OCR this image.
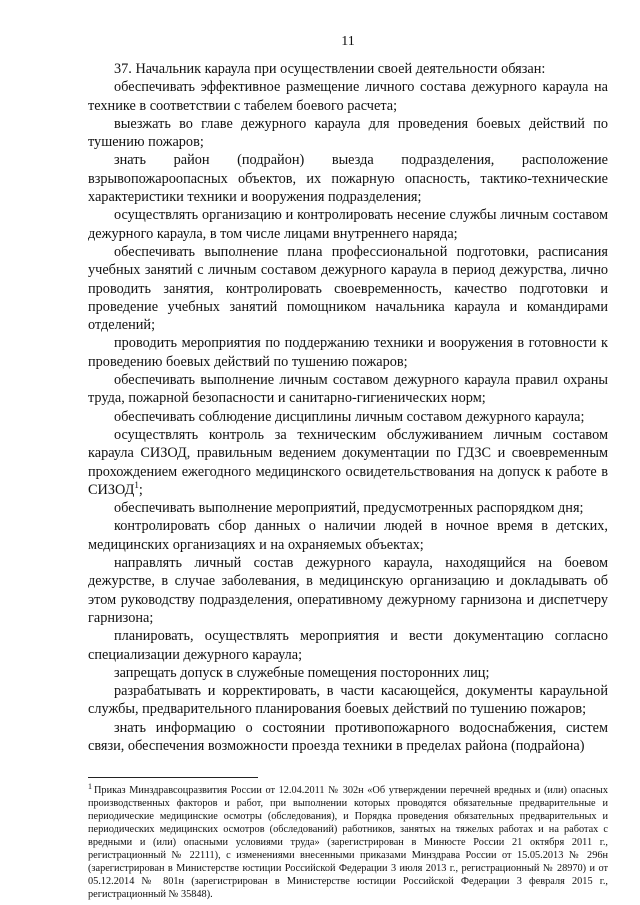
11

37. Начальник караула при осуществлении своей деятельности обязан:

обеспечивать эффективное размещение личного состава дежурного караула на технике в соответствии с табелем боевого расчета;

выезжать во главе дежурного караула для проведения боевых действий по тушению пожаров;

знать район (подрайон) выезда подразделения, расположение взрывопожароопасных объектов, их пожарную опасность, тактико-технические характеристики техники и вооружения подразделения;

осуществлять организацию и контролировать несение службы личным составом дежурного караула, в том числе лицами внутреннего наряда;

обеспечивать выполнение плана профессиональной подготовки, расписания учебных занятий с личным составом дежурного караула в период дежурства, лично проводить занятия, контролировать своевременность, качество подготовки и проведение учебных занятий помощником начальника караула и командирами отделений;

проводить мероприятия по поддержанию техники и вооружения в готовности к проведению боевых действий по тушению пожаров;

обеспечивать выполнение личным составом дежурного караула правил охраны труда, пожарной безопасности и санитарно-гигиенических норм;

обеспечивать соблюдение дисциплины личным составом дежурного караула;

осуществлять контроль за техническим обслуживанием личным составом караула СИЗОД, правильным ведением документации по ГДЗС и своевременным прохождением ежегодного медицинского освидетельствования на допуск к работе в СИЗОД$^1$;

обеспечивать выполнение мероприятий, предусмотренных распорядком дня;

контролировать сбор данных о наличии людей в ночное время в детских, медицинских организациях и на охраняемых объектах;

направлять личный состав дежурного караула, находящийся на боевом дежурстве, в случае заболевания, в медицинскую организацию и докладывать об этом руководству подразделения, оперативному дежурному гарнизона и диспетчеру гарнизона;

планировать, осуществлять мероприятия и вести документацию согласно специализации дежурного караула;

запрещать допуск в служебные помещения посторонних лиц;

разрабатывать и корректировать, в части касающейся, документы караульной службы, предварительного планирования боевых действий по тушению пожаров;

знать информацию о состоянии противопожарного водоснабжения, систем связи, обеспечения возможности проезда техники в пределах района (подрайона)

$^1$ Приказ Минздравсоцразвития России от 12.04.2011 № 302н «Об утверждении перечней вредных и (или) опасных производственных факторов и работ, при выполнении которых проводятся обязательные предварительные и периодические медицинские осмотры (обследования), и Порядка проведения обязательных предварительных и периодических медицинских осмотров (обследований) работников, занятых на тяжелых работах и на работах с вредными и (или) опасными условиями труда» (зарегистрирован в Минюсте России 21 октября 2011 г., регистрационный № 22111), с изменениями внесенными приказами Минздрава России от 15.05.2013 № 296н (зарегистрирован в Министерстве юстиции Российской Федерации 3 июля 2013 г., регистрационный № 28970) и от 05.12.2014 № 801н (зарегистрирован в Министерстве юстиции Российской Федерации 3 февраля 2015 г., регистрационный № 35848).
